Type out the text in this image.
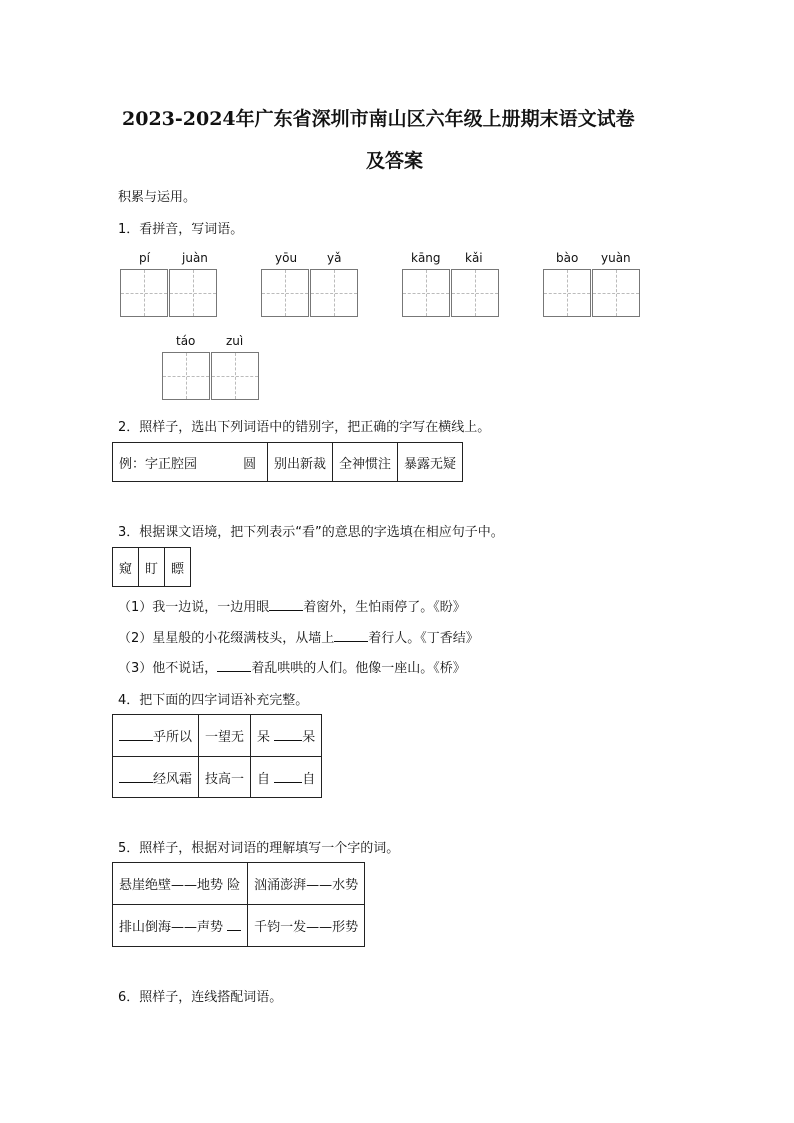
2023-2024年广东省深圳市南山区六年级上册期末语文试卷
及答案
积累与运用。
1．看拼音，写词语。
pí	juàn	yōu yǎ	kāng kǎi	bào yuàn
táo	zuì
2．照样子，选出下列词语中的错别字，把正确的字写在横线上。
例：字正腔园	圆	别出新裁	全神惯注	暴露无疑
3．根据课文语境，把下列表示“看”的意思的字选填在相应句子中。
窥	盯	瞟
（1）我一边说，一边用眼	着窗外，生怕雨停了。《盼》
（2）星星般的小花缀满枝头，从墙上	着行人。《丁香结》
（3）他不说话，	着乱哄哄的人们。他像一座山。《桥》
4．把下面的四字词语补充完整。
乎所以	一望无	呆 呆
经风霜	技高一	自 自
5．照样子，根据对词语的理解填写一个字的词。
悬崖绝壁——地势 险	汹涌澎湃——水势
排山倒海——声势	千钧一发——形势
6．照样子，连线搭配词语。
